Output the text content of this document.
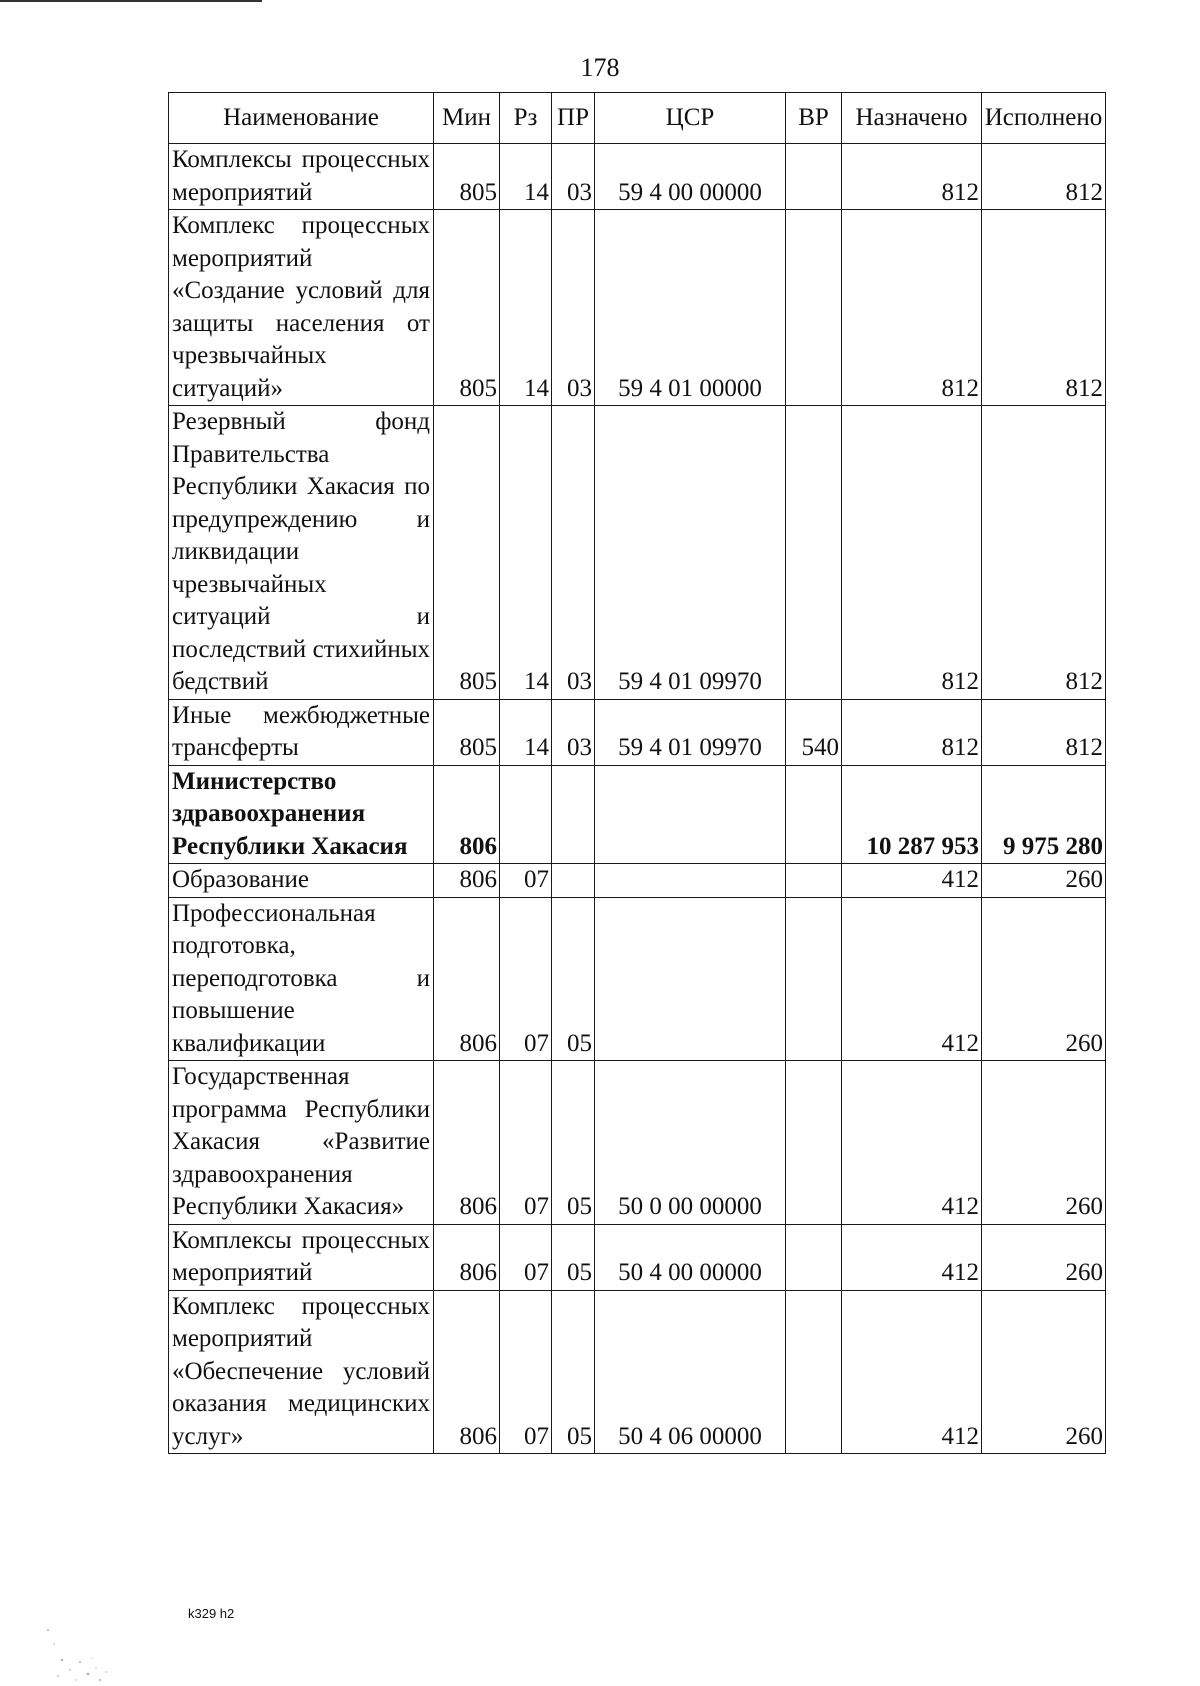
178
Наименование	Мин	Рз	ПР	ЦСР	ВР	Назначено	Исполнено
Комплексы процессных мероприятий	805	14	03	59 4 00 00000		812	812
Комплекс процессных мероприятий «Создание условий для защиты населения от чрезвычайных ситуаций»	805	14	03	59 4 01 00000		812	812
Резервный фонд Правительства Республики Хакасия по предупреждению и ликвидации чрезвычайных ситуаций и последствий стихийных бедствий	805	14	03	59 4 01 09970		812	812
Иные межбюджетные трансферты	805	14	03	59 4 01 09970	540	812	812
Министерство здравоохранения Республики Хакасия	806					10 287 953	9 975 280
Образование	806	07				412	260
Профессиональная подготовка, переподготовка и повышение квалификации	806	07	05			412	260
Государственная программа Республики Хакасия «Развитие здравоохранения Республики Хакасия»	806	07	05	50 0 00 00000		412	260
Комплексы процессных мероприятий	806	07	05	50 4 00 00000		412	260
Комплекс процессных мероприятий «Обеспечение условий оказания медицинских услуг»	806	07	05	50 4 06 00000		412	260
k329 h2
